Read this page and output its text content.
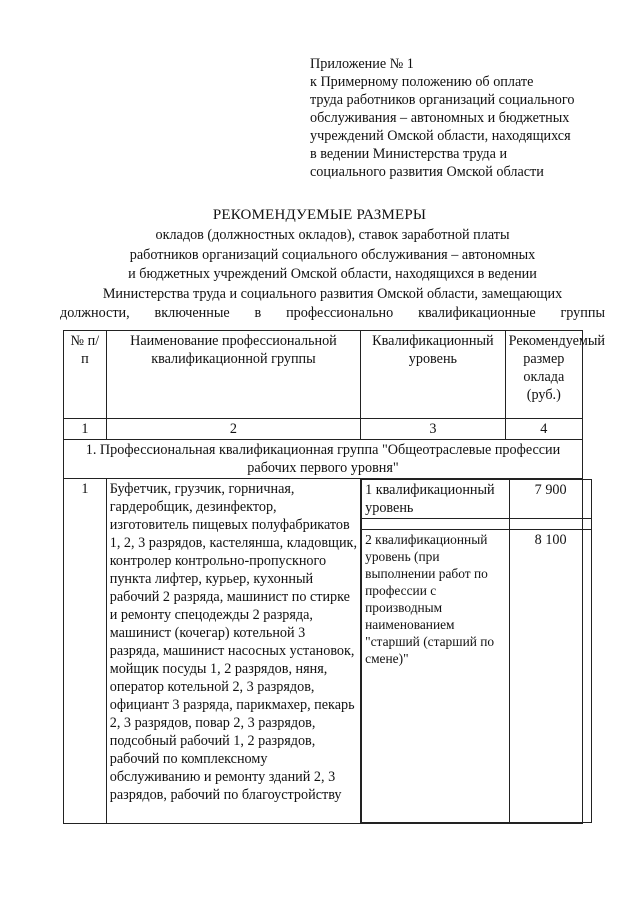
Приложение № 1
к Примерному положению об оплате
труда работников организаций социального
обслуживания – автономных и бюджетных
учреждений Омской области, находящихся
в ведении Министерства труда и
социального развития Омской области
РЕКОМЕНДУЕМЫЕ РАЗМЕРЫ
окладов (должностных окладов), ставок заработной платы
работников организаций социального обслуживания – автономных
и бюджетных учреждений Омской области, находящихся в ведении
Министерства труда и социального развития Омской области, замещающих
должности, включенные в профессионально квалификационные группы
№ п/п	Наименование профессиональной квалификационной группы	Квалификационный уровень	Рекомендуемый размер оклада (руб.)
1	2	3	4
1. Профессиональная квалификационная группа "Общеотраслевые профессии рабочих первого уровня"
1	Буфетчик, грузчик, горничная, гардеробщик, дезинфектор, изготовитель пищевых полуфабрикатов 1, 2, 3 разрядов, кастелянша, кладовщик, контролер контрольно-пропускного пункта лифтер, курьер, кухонный рабочий 2 разряда, машинист по стирке и ремонту спецодежды 2 разряда, машинист (кочегар) котельной 3 разряда, машинист насосных установок, мойщик посуды 1, 2 разрядов, няня, оператор котельной 2, 3 разрядов, официант 3 разряда, парикмахер, пекарь 2, 3 разрядов, повар 2, 3 разрядов, подсобный рабочий 1, 2 разрядов, рабочий по комплексному обслуживанию и ремонту зданий 2, 3 разрядов, рабочий по благоустройству	
1 квалификационный уровень	7 900

2 квалификационный уровень (при выполнении работ по профессии с производным наименованием "старший (старший по смене)"	8 100
